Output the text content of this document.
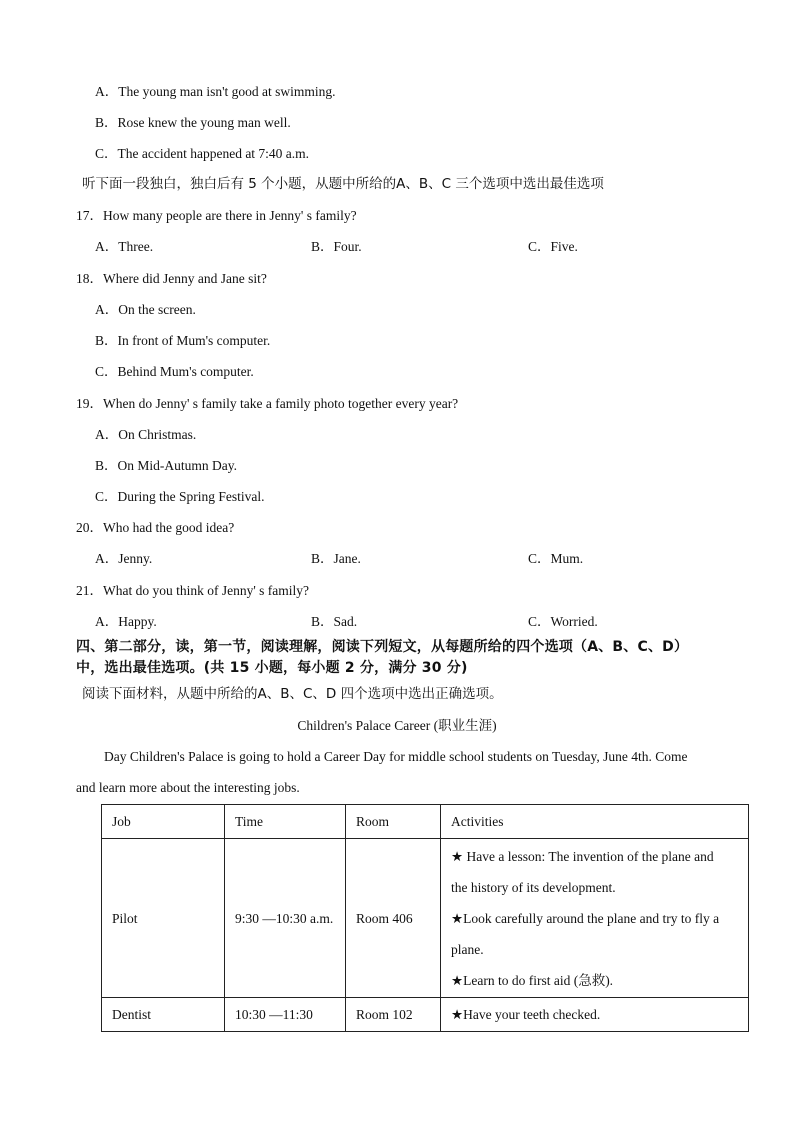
A．The young man isn't good at swimming.
B．Rose knew the young man well.
C．The accident happened at 7:40 a.m.
听下面一段独白，独白后有 5 个小题，从题中所给的A、B、C 三个选项中选出最佳选项
17．How many people are there in Jenny' s family?
A．Three.	B．Four.	C．Five.
18．Where did Jenny and Jane sit?
A．On the screen.
B．In front of Mum's computer.
C．Behind Mum's computer.
19．When do Jenny' s family take a family photo together every year?
A．On Christmas.
B．On Mid-Autumn Day.
C．During the Spring Festival.
20．Who had the good idea?
A．Jenny.	B．Jane.	C．Mum.
21．What do you think of Jenny' s family?
A．Happy.	B．Sad.	C．Worried.
四、第二部分，读，第一节，阅读理解，阅读下列短文，从每题所给的四个选项（A、B、C、D）
中，选出最佳选项。(共 15 小题，每小题 2 分，满分 30 分)
阅读下面材料，从题中所给的A、B、C、D 四个选项中选出正确选项。
Children's Palace Career (职业生涯)
Day Children's Palace is going to hold a Career Day for middle school students on Tuesday, June 4th. Come
and learn more about the interesting jobs.
Job	Time	Room	Activities
Pilot	9:30 —10:30 a.m.	Room 406	★ Have a lesson: The invention of the plane and
the history of its development.
★Look carefully around the plane and try to fly a
plane.
★Learn to do first aid (急救).

Dentist	10:30 —11:30	Room 102	★Have your teeth checked.
